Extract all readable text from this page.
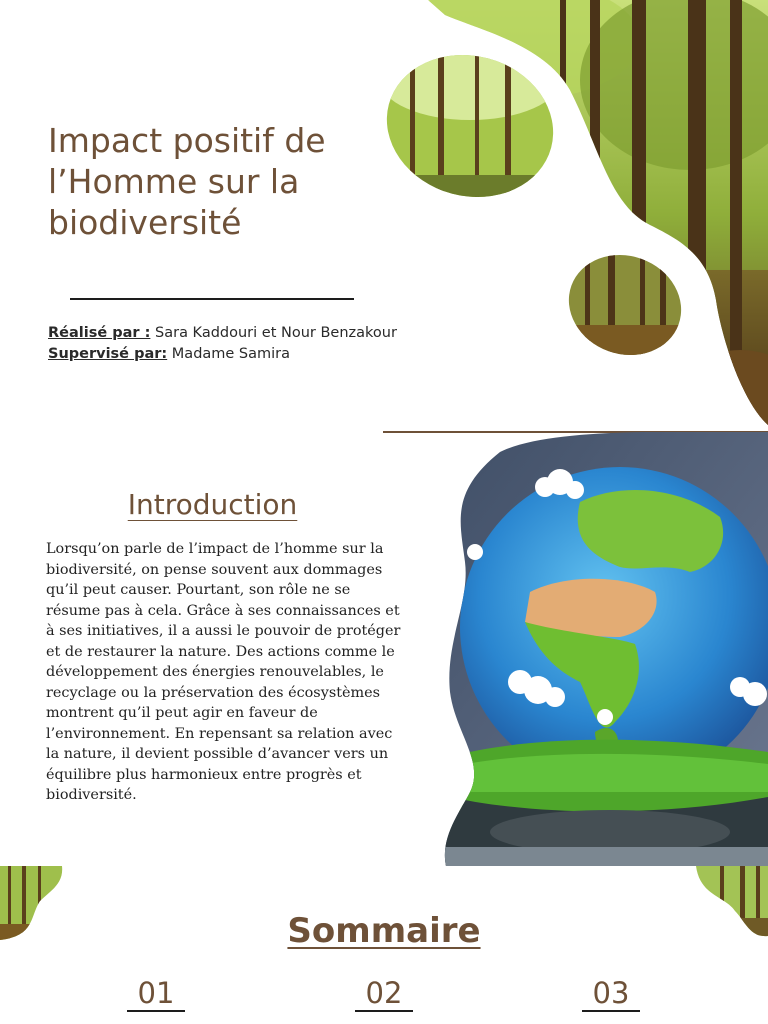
Impact positif de
l’Homme sur la
biodiversité
Réalisé par : Sara Kaddouri et Nour Benzakour
Supervisé par: Madame Samira
Introduction

Lorsqu’on parle de l’impact de l’homme sur la biodiversité, on pense souvent aux dommages qu’il peut causer. Pourtant, son rôle ne se résume pas à cela. Grâce à ses connaissances et à ses initiatives, il a aussi le pouvoir de protéger et de restaurer la nature. Des actions comme le développement des énergies renouvelables, le recyclage ou la préservation des écosystèmes montrent qu’il peut agir en faveur de l’environnement. En repensant sa relation avec la nature, il devient possible d’avancer vers un équilibre plus harmonieux entre progrès et biodiversité.

Sommaire
01	02	03
